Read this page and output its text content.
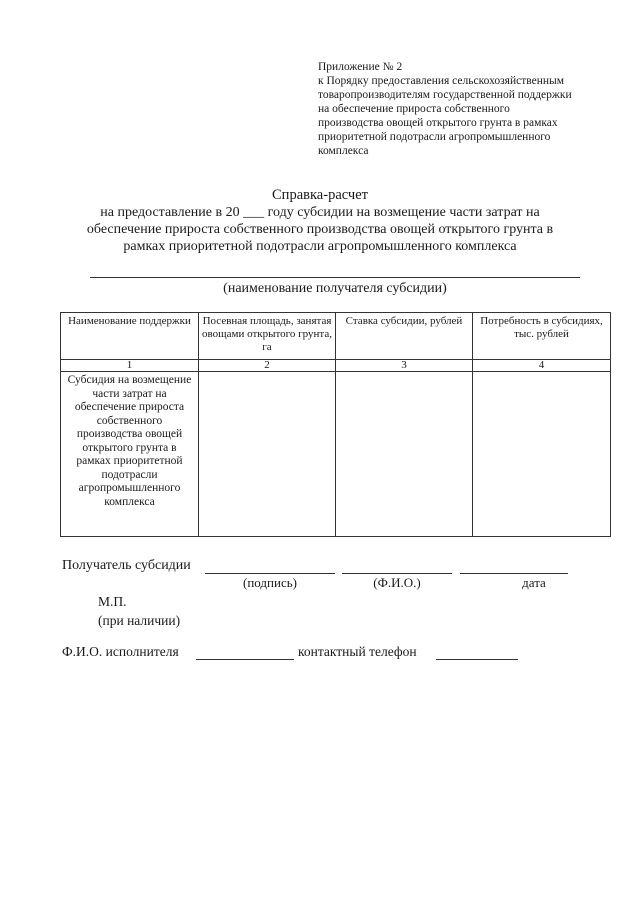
Приложение № 2
к Порядку предоставления сельскохозяйственным
товаропроизводителям государственной поддержки
на обеспечение прироста собственного
производства овощей открытого грунта в рамках
приоритетной подотрасли агропромышленного
комплекса
Справка-расчет
на предоставление в 20 ___ году субсидии на возмещение части затрат на
обеспечение прироста собственного производства овощей открытого грунта в
рамках приоритетной подотрасли агропромышленного комплекса
(наименование получателя субсидии)
Наименование поддержки	Посевная площадь, занятая овощами открытого грунта, га	Ставка субсидии, рублей	Потребность в субсидиях, тыс. рублей
1	2	3	4
Субсидия на возмещение части затрат на обеспечение прироста собственного производства овощей открытого грунта в рамках приоритетной подотрасли агропромышленного комплекса			
Получатель субсидии
(подпись)	(Ф.И.О.)	дата
М.П.
(при наличии)
Ф.И.О. исполнителя	контактный телефон
